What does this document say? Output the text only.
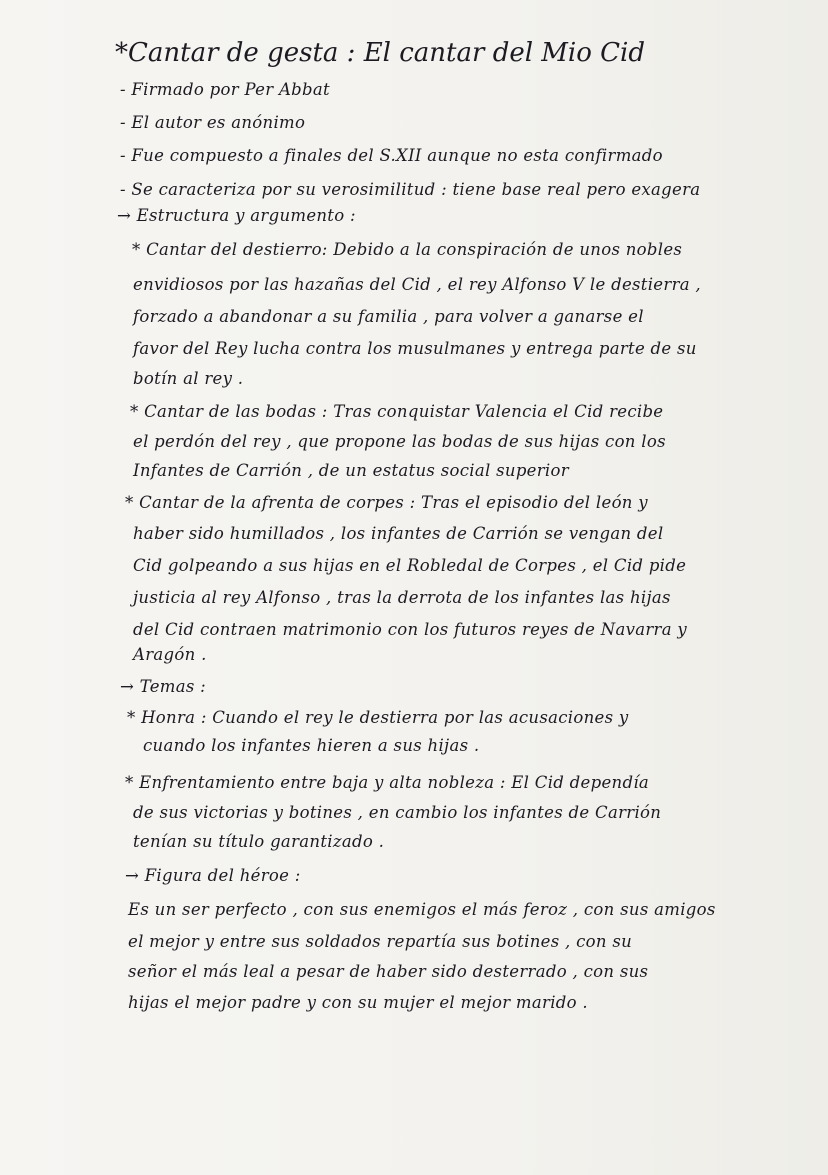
*Cantar de gesta : El cantar del Mio Cid
- Firmado por Per Abbat
- El autor es anónimo
- Fue compuesto a finales del S.XII aunque no esta confirmado
- Se caracteriza por su verosimilitud : tiene base real pero exagera
→ Estructura y argumento :
* Cantar del destierro: Debido a la conspiración de unos nobles
envidiosos por las hazañas del Cid , el rey Alfonso V le destierra ,
forzado a abandonar a su familia , para volver a ganarse el
favor del Rey lucha contra los musulmanes y entrega parte de su
botín al rey .
* Cantar de las bodas : Tras conquistar Valencia el Cid recibe
el perdón del rey , que propone las bodas de sus hijas con los
Infantes de Carrión , de un estatus social superior
* Cantar de la afrenta de corpes : Tras el episodio del león y
haber sido humillados , los infantes de Carrión se vengan del
Cid golpeando a sus hijas en el Robledal de Corpes , el Cid pide
justicia al rey Alfonso , tras la derrota de los infantes las hijas
del Cid contraen matrimonio con los futuros reyes de Navarra y
Aragón .
→ Temas :
* Honra : Cuando el rey le destierra por las acusaciones y
cuando los infantes hieren a sus hijas .
* Enfrentamiento entre baja y alta nobleza : El Cid dependía
de sus victorias y botines , en cambio los infantes de Carrión
tenían su título garantizado .
→ Figura del héroe :
Es un ser perfecto , con sus enemigos el más feroz , con sus amigos
el mejor y entre sus soldados repartía sus botines , con su
señor el más leal a pesar de haber sido desterrado , con sus
hijas el mejor padre y con su mujer el mejor marido .
